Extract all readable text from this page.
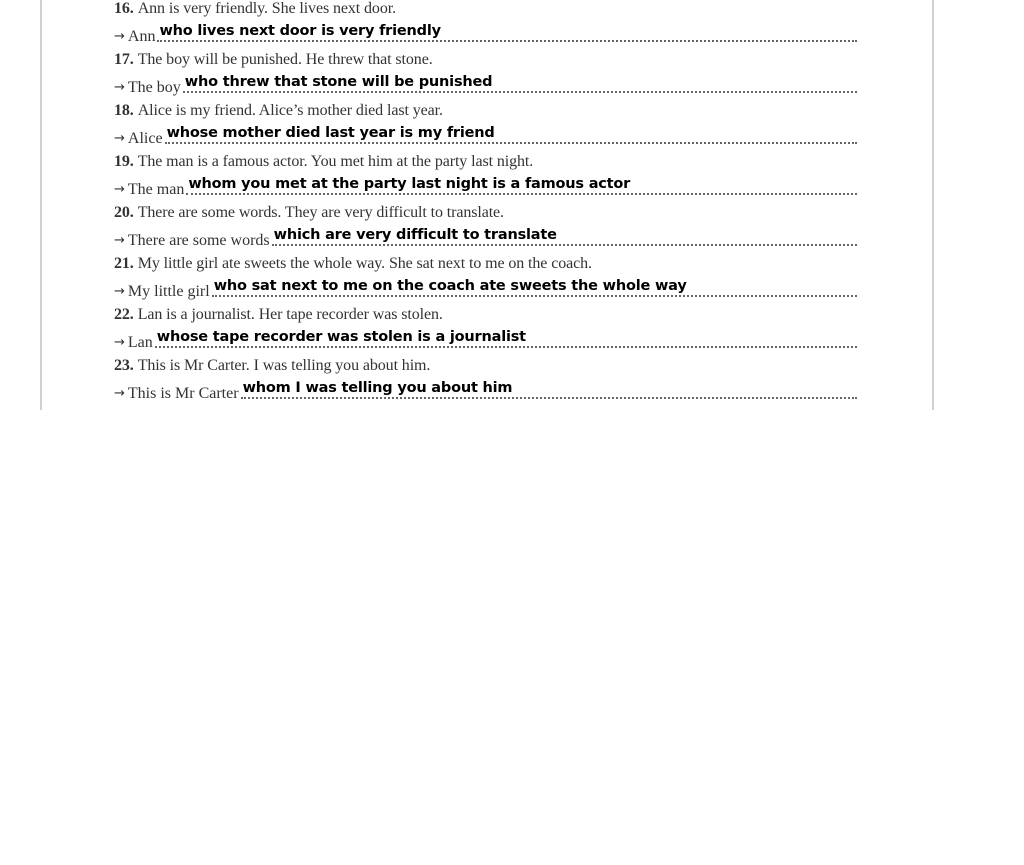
16. Ann is very friendly. She lives next door.
→ Ann who lives next door is very friendly
17. The boy will be punished. He threw that stone.
→ The boy who threw that stone will be punished
18. Alice is my friend. Alice’s mother died last year.
→ Alice whose mother died last year is my friend
19. The man is a famous actor. You met him at the party last night.
→ The man whom you met at the party last night is a famous actor
20. There are some words. They are very difficult to translate.
→ There are some words which are very difficult to translate
21. My little girl ate sweets the whole way. She sat next to me on the coach.
→ My little girl who sat next to me on the coach ate sweets the whole way
22. Lan is a journalist. Her tape recorder was stolen.
→ Lan whose tape recorder was stolen is a journalist
23. This is Mr Carter. I was telling you about him.
→ This is Mr Carter whom I was telling you about him
